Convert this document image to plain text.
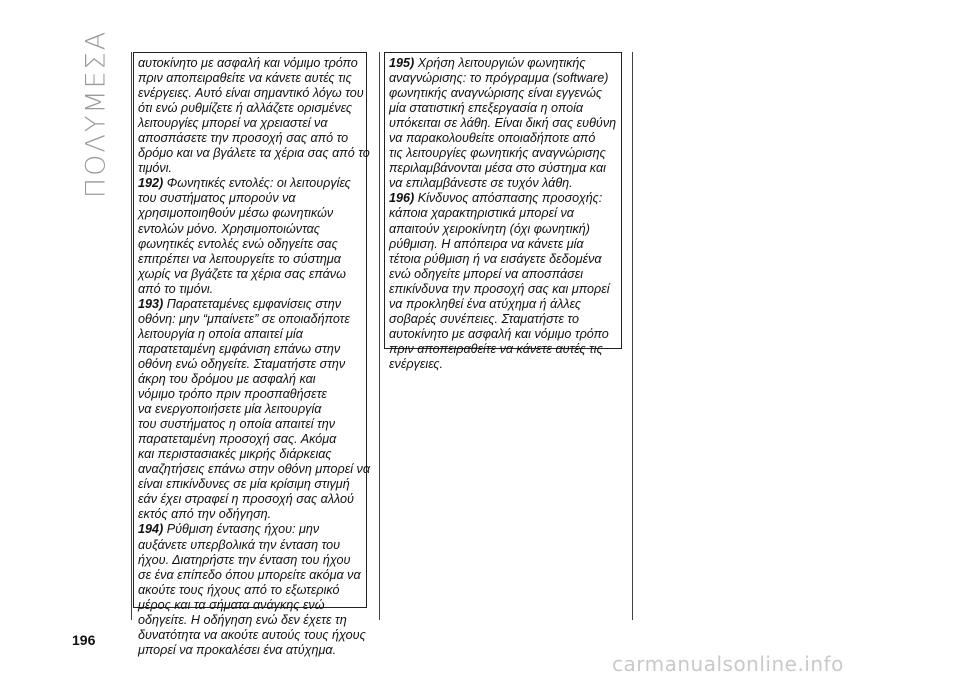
ΠΟΛΥΜΕΣΑ αυτοκίνητο με ασφαλή και νόμιμο τρόπο

πριν αποπειραθείτε να κάνετε αυτές τις

ενέργειες. Αυτό είναι σημαντικό λόγω του

ότι ενώ ρυθμίζετε ή αλλάζετε ορισμένες

λειτουργίες μπορεί να χρειαστεί να

αποσπάσετε την προσοχή σας από το

δρόμο και να βγάλετε τα χέρια σας από το

τιμόνι.

192) Φωνητικές εντολές: οι λειτουργίες

του συστήματος μπορούν να

χρησιμοποιηθούν μέσω φωνητικών

εντολών μόνο. Χρησιμοποιώντας

φωνητικές εντολές ενώ οδηγείτε σας

επιτρέπει να λειτουργείτε το σύστημα

χωρίς να βγάζετε τα χέρια σας επάνω

από το τιμόνι.

193) Παρατεταμένες εμφανίσεις στην

οθόνη: μην “μπαίνετε” σε οποιαδήποτε

λειτουργία η οποία απαιτεί μία

παρατεταμένη εμφάνιση επάνω στην

οθόνη ενώ οδηγείτε. Σταματήστε στην

άκρη του δρόμου με ασφαλή και

νόμιμο τρόπο πριν προσπαθήσετε

να ενεργοποιήσετε μία λειτουργία

του συστήματος η οποία απαιτεί την

παρατεταμένη προσοχή σας. Ακόμα

και περιστασιακές μικρής διάρκειας

αναζητήσεις επάνω στην οθόνη μπορεί να

είναι επικίνδυνες σε μία κρίσιμη στιγμή

εάν έχει στραφεί η προσοχή σας αλλού

εκτός από την οδήγηση.

194) Ρύθμιση έντασης ήχου: μην

αυξάνετε υπερβολικά την ένταση του

ήχου. Διατηρήστε την ένταση του ήχου

σε ένα επίπεδο όπου μπορείτε ακόμα να

ακούτε τους ήχους από το εξωτερικό

μέρος και τα σήματα ανάγκης ενώ

οδηγείτε. Η οδήγηση ενώ δεν έχετε τη

δυνατότητα να ακούτε αυτούς τους ήχους

μπορεί να προκαλέσει ένα ατύχημα.

195) Χρήση λειτουργιών φωνητικής

αναγνώρισης: το πρόγραμμα (software)

φωνητικής αναγνώρισης είναι εγγενώς

μία στατιστική επεξεργασία η οποία

υπόκειται σε λάθη. Είναι δική σας ευθύνη

να παρακολουθείτε οποιαδήποτε από

τις λειτουργίες φωνητικής αναγνώρισης

περιλαμβάνονται μέσα στο σύστημα και

να επιλαμβάνεστε σε τυχόν λάθη.

196) Κίνδυνος απόσπασης προσοχής:

κάποια χαρακτηριστικά μπορεί να

απαιτούν χειροκίνητη (όχι φωνητική)

ρύθμιση. Η απόπειρα να κάνετε μία

τέτοια ρύθμιση ή να εισάγετε δεδομένα

ενώ οδηγείτε μπορεί να αποσπάσει

επικίνδυνα την προσοχή σας και μπορεί

να προκληθεί ένα ατύχημα ή άλλες

σοβαρές συνέπειες. Σταματήστε το

αυτοκίνητο με ασφαλή και νόμιμο τρόπο

πριν αποπειραθείτε να κάνετε αυτές τις

ενέργειες.

196
carmanualsonline.info
